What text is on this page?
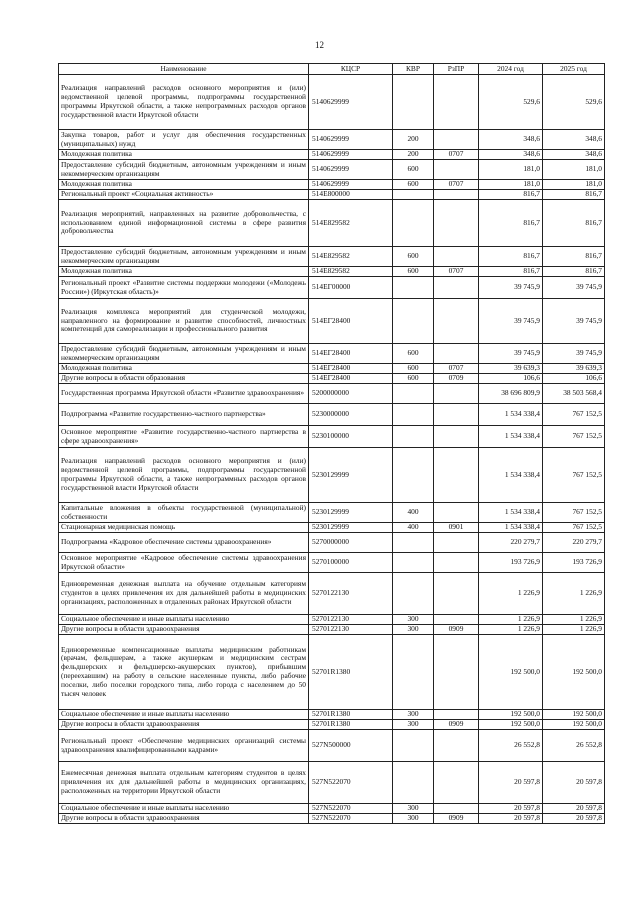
12
Наименование	КЦСР	КВР	РзПР	2024 год	2025 год
Реализация направлений расходов основного мероприятия и (или) ведомственной целевой программы, подпрограммы государственной программы Иркутской области, а также непрограммных расходов органов государственной власти Иркутской области	5140629999			529,6	529,6
Закупка товаров, работ и услуг для обеспечения государственных (муниципальных) нужд	5140629999	200		348,6	348,6
Молодежная политика	5140629999	200	0707	348,6	348,6
Предоставление субсидий бюджетным, автономным учреждениям и иным некоммерческим организациям	5140629999	600		181,0	181,0
Молодежная политика	5140629999	600	0707	181,0	181,0
Региональный проект «Социальная активность»	514E800000			816,7	816,7
Реализация мероприятий, направленных на развитие добровольчества, с использованием единой информационной системы в сфере развития добровольчества	514E829582			816,7	816,7
Предоставление субсидий бюджетным, автономным учреждениям и иным некоммерческим организациям	514E829582	600		816,7	816,7
Молодежная политика	514E829582	600	0707	816,7	816,7
Региональный проект «Развитие системы поддержки молодежи («Молодежь России») (Иркутская область)»	514ЕГ00000			39 745,9	39 745,9
Реализация комплекса мероприятий для студенческой молодежи, направленного на формирование и развитие способностей, личностных компетенций для самореализации и профессионального развития	514ЕГ28400			39 745,9	39 745,9
Предоставление субсидий бюджетным, автономным учреждениям и иным некоммерческим организациям	514ЕГ28400	600		39 745,9	39 745,9
Молодежная политика	514ЕГ28400	600	0707	39 639,3	39 639,3
Другие вопросы в области образования	514ЕГ28400	600	0709	106,6	106,6
Государственная программа Иркутской области «Развитие здравоохранения»	5200000000			38 696 809,9	38 503 568,4
Подпрограмма «Развитие государственно-частного партнерства»	5230000000			1 534 338,4	767 152,5
Основное мероприятие «Развитие государственно-частного партнерства в сфере здравоохранения»	5230100000			1 534 338,4	767 152,5
Реализация направлений расходов основного мероприятия и (или) ведомственной целевой программы, подпрограммы государственной программы Иркутской области, а также непрограммных расходов органов государственной власти Иркутской области	5230129999			1 534 338,4	767 152,5
Капитальные вложения в объекты государственной (муниципальной) собственности	5230129999	400		1 534 338,4	767 152,5
Стационарная медицинская помощь	5230129999	400	0901	1 534 338,4	767 152,5
Подпрограмма «Кадровое обеспечение системы здравоохранения»	5270000000			220 279,7	220 279,7
Основное мероприятие «Кадровое обеспечение системы здравоохранения Иркутской области»	5270100000			193 726,9	193 726,9
Единовременная денежная выплата на обучение отдельным категориям студентов в целях привлечения их для дальнейшей работы в медицинских организациях, расположенных в отдаленных районах Иркутской области	5270122130			1 226,9	1 226,9
Социальное обеспечение и иные выплаты населению	5270122130	300		1 226,9	1 226,9
Другие вопросы в области здравоохранения	5270122130	300	0909	1 226,9	1 226,9
Единовременные компенсационные выплаты медицинским работникам (врачам, фельдшерам, а также акушеркам и медицинским сестрам фельдшерских и фельдшерско-акушерских пунктов), прибывшим (переехавшим) на работу в сельские населенные пункты, либо рабочие поселки, либо поселки городского типа, либо города с населением до 50 тысяч человек	52701R1380			192 500,0	192 500,0
Социальное обеспечение и иные выплаты населению	52701R1380	300		192 500,0	192 500,0
Другие вопросы в области здравоохранения	52701R1380	300	0909	192 500,0	192 500,0
Региональный проект «Обеспечение медицинских организаций системы здравоохранения квалифицированными кадрами»	527N500000			26 552,8	26 552,8
Ежемесячная денежная выплата отдельным категориям студентов в целях привлечения их для дальнейшей работы в медицинских организациях, расположенных на территории Иркутской области	527N522070			20 597,8	20 597,8
Социальное обеспечение и иные выплаты населению	527N522070	300		20 597,8	20 597,8
Другие вопросы в области здравоохранения	527N522070	300	0909	20 597,8	20 597,8
